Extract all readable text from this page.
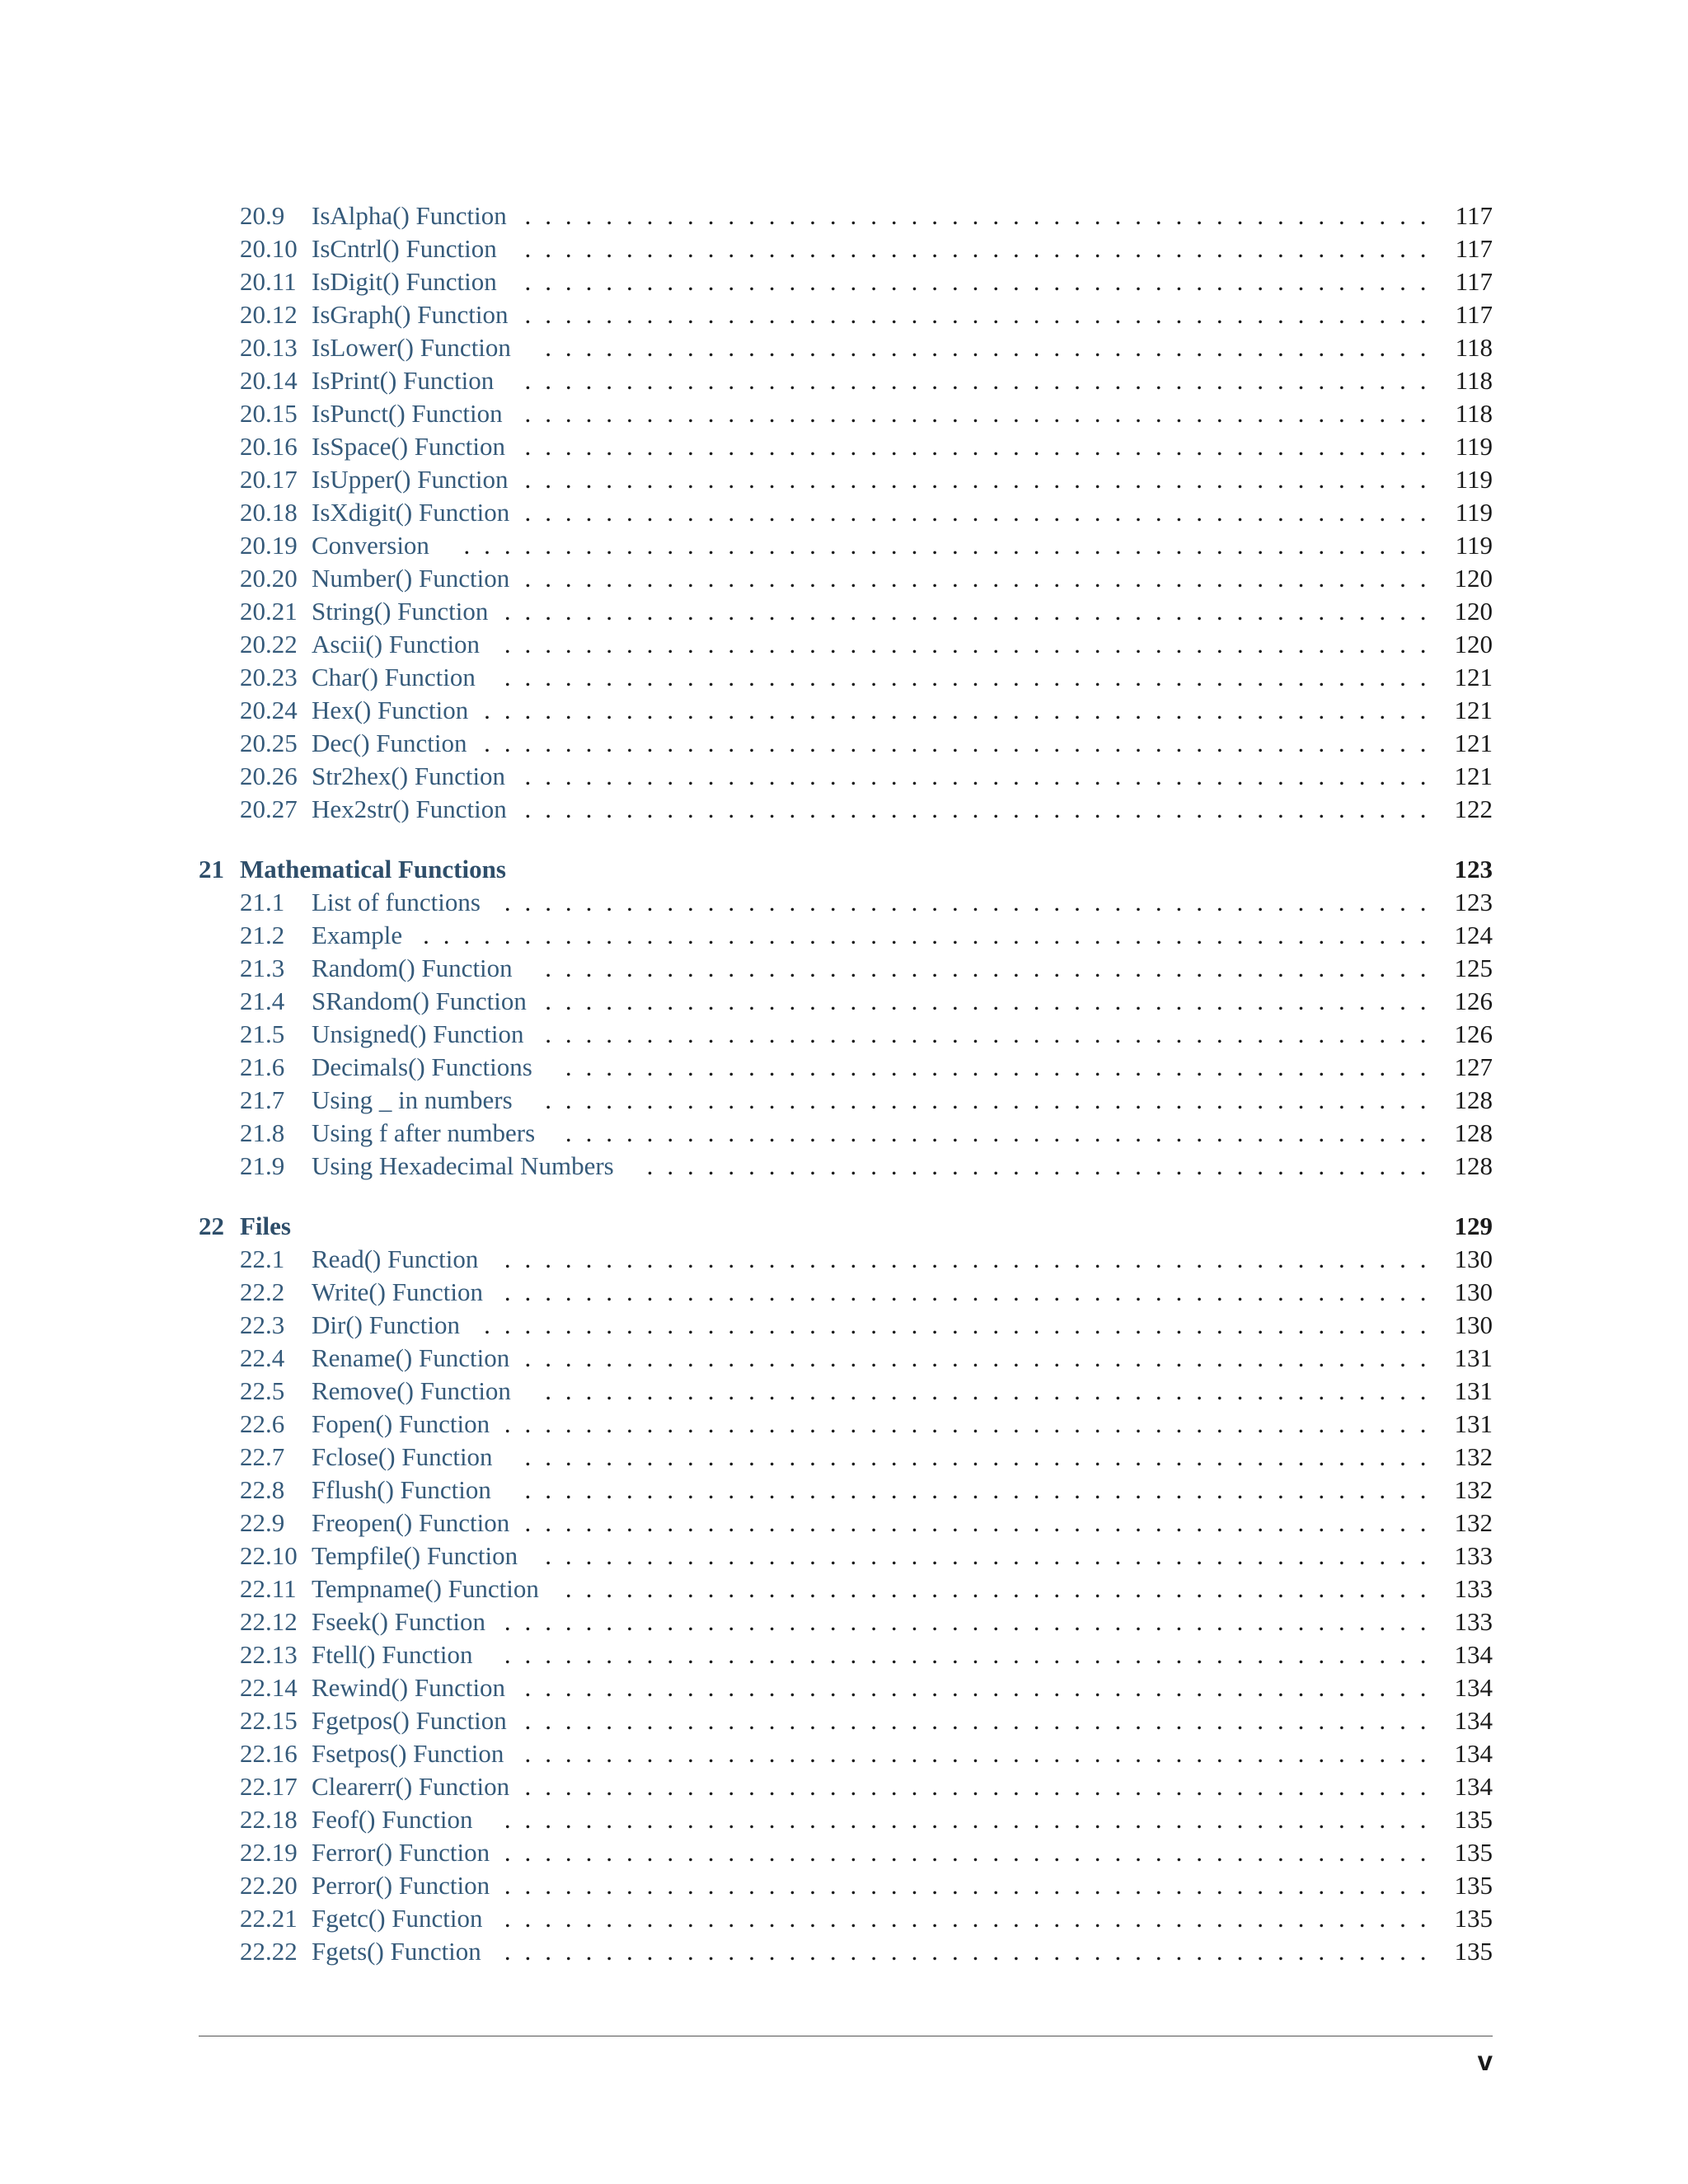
20.9 IsAlpha() Function . . . . . . . . . . . . . . . . . . . . . . . . . . . . . . . . . . . . . . . . . . . . . 117
20.10 IsCntrl() Function	. . . . . . . . . . . . . . . . . . . . . . . . . . . . . . . . . . . . . . . . . . . . . 117
20.11 IsDigit() Function	. . . . . . . . . . . . . . . . . . . . . . . . . . . . . . . . . . . . . . . . . . . . . 117
20.12 IsGraph() Function . . . . . . . . . . . . . . . . . . . . . . . . . . . . . . . . . . . . . . . . . . . . . 117
20.13 IsLower() Function	. . . . . . . . . . . . . . . . . . . . . . . . . . . . . . . . . . . . . . . . . . . . 118
20.14 IsPrint() Function	. . . . . . . . . . . . . . . . . . . . . . . . . . . . . . . . . . . . . . . . . . . . . 118
20.15 IsPunct() Function . . . . . . . . . . . . . . . . . . . . . . . . . . . . . . . . . . . . . . . . . . . . . 118
20.16 IsSpace() Function . . . . . . . . . . . . . . . . . . . . . . . . . . . . . . . . . . . . . . . . . . . . . 119
20.17 IsUpper() Function . . . . . . . . . . . . . . . . . . . . . . . . . . . . . . . . . . . . . . . . . . . . . 119
20.18 IsXdigit() Function . . . . . . . . . . . . . . . . . . . . . . . . . . . . . . . . . . . . . . . . . . . . . 119
20.19 Conversion	. . . . . . . . . . . . . . . . . . . . . . . . . . . . . . . . . . . . . . . . . . . . . . . . 119
20.20 Number() Function . . . . . . . . . . . . . . . . . . . . . . . . . . . . . . . . . . . . . . . . . . . . . 120
20.21 String() Function . . . . . . . . . . . . . . . . . . . . . . . . . . . . . . . . . . . . . . . . . . . . . . 120
20.22 Ascii() Function . . . . . . . . . . . . . . . . . . . . . . . . . . . . . . . . . . . . . . . . . . . . . . 120
20.23 Char() Function	. . . . . . . . . . . . . . . . . . . . . . . . . . . . . . . . . . . . . . . . . . . . . . 121
20.24 Hex() Function . . . . . . . . . . . . . . . . . . . . . . . . . . . . . . . . . . . . . . . . . . . . . . . 121
20.25 Dec() Function . . . . . . . . . . . . . . . . . . . . . . . . . . . . . . . . . . . . . . . . . . . . . . . 121
20.26 Str2hex() Function . . . . . . . . . . . . . . . . . . . . . . . . . . . . . . . . . . . . . . . . . . . . . 121
20.27 Hex2str() Function . . . . . . . . . . . . . . . . . . . . . . . . . . . . . . . . . . . . . . . . . . . . . 122
21 Mathematical Functions	123
21.1 List of functions . . . . . . . . . . . . . . . . . . . . . . . . . . . . . . . . . . . . . . . . . . . . . . 123
21.2 Example . . . . . . . . . . . . . . . . . . . . . . . . . . . . . . . . . . . . . . . . . . . . . . . . . . 124
21.3 Random() Function	. . . . . . . . . . . . . . . . . . . . . . . . . . . . . . . . . . . . . . . . . . . . 125
21.4 SRandom() Function . . . . . . . . . . . . . . . . . . . . . . . . . . . . . . . . . . . . . . . . . . . . 126
21.5 Unsigned() Function . . . . . . . . . . . . . . . . . . . . . . . . . . . . . . . . . . . . . . . . . . . . 126
21.6 Decimals() Functions	. . . . . . . . . . . . . . . . . . . . . . . . . . . . . . . . . . . . . . . . . . . 127
21.7 Using _ in numbers	. . . . . . . . . . . . . . . . . . . . . . . . . . . . . . . . . . . . . . . . . . . . 128
21.8 Using f after numbers	. . . . . . . . . . . . . . . . . . . . . . . . . . . . . . . . . . . . . . . . . . . 128
21.9 Using Hexadecimal Numbers	. . . . . . . . . . . . . . . . . . . . . . . . . . . . . . . . . . . . . . . 128
22 Files	129
22.1 Read() Function	. . . . . . . . . . . . . . . . . . . . . . . . . . . . . . . . . . . . . . . . . . . . . . 130
22.2 Write() Function . . . . . . . . . . . . . . . . . . . . . . . . . . . . . . . . . . . . . . . . . . . . . . 130
22.3 Dir() Function . . . . . . . . . . . . . . . . . . . . . . . . . . . . . . . . . . . . . . . . . . . . . . . 130
22.4 Rename() Function . . . . . . . . . . . . . . . . . . . . . . . . . . . . . . . . . . . . . . . . . . . . . 131
22.5 Remove() Function	. . . . . . . . . . . . . . . . . . . . . . . . . . . . . . . . . . . . . . . . . . . . 131
22.6 Fopen() Function . . . . . . . . . . . . . . . . . . . . . . . . . . . . . . . . . . . . . . . . . . . . . . 131
22.7 Fclose() Function	. . . . . . . . . . . . . . . . . . . . . . . . . . . . . . . . . . . . . . . . . . . . . 132
22.8 Fflush() Function	. . . . . . . . . . . . . . . . . . . . . . . . . . . . . . . . . . . . . . . . . . . . . 132
22.9 Freopen() Function . . . . . . . . . . . . . . . . . . . . . . . . . . . . . . . . . . . . . . . . . . . . . 132
22.10 Tempfile() Function	. . . . . . . . . . . . . . . . . . . . . . . . . . . . . . . . . . . . . . . . . . . . 133
22.11 Tempname() Function	. . . . . . . . . . . . . . . . . . . . . . . . . . . . . . . . . . . . . . . . . . . 133
22.12 Fseek() Function . . . . . . . . . . . . . . . . . . . . . . . . . . . . . . . . . . . . . . . . . . . . . . 133
22.13 Ftell() Function	. . . . . . . . . . . . . . . . . . . . . . . . . . . . . . . . . . . . . . . . . . . . . . 134
22.14 Rewind() Function . . . . . . . . . . . . . . . . . . . . . . . . . . . . . . . . . . . . . . . . . . . . . 134
22.15 Fgetpos() Function . . . . . . . . . . . . . . . . . . . . . . . . . . . . . . . . . . . . . . . . . . . . . 134
22.16 Fsetpos() Function . . . . . . . . . . . . . . . . . . . . . . . . . . . . . . . . . . . . . . . . . . . . . 134
22.17 Clearerr() Function . . . . . . . . . . . . . . . . . . . . . . . . . . . . . . . . . . . . . . . . . . . . . 134
22.18 Feof() Function	. . . . . . . . . . . . . . . . . . . . . . . . . . . . . . . . . . . . . . . . . . . . . . 135
22.19 Ferror() Function . . . . . . . . . . . . . . . . . . . . . . . . . . . . . . . . . . . . . . . . . . . . . . 135
22.20 Perror() Function . . . . . . . . . . . . . . . . . . . . . . . . . . . . . . . . . . . . . . . . . . . . . . 135
22.21 Fgetc() Function . . . . . . . . . . . . . . . . . . . . . . . . . . . . . . . . . . . . . . . . . . . . . . 135
22.22 Fgets() Function . . . . . . . . . . . . . . . . . . . . . . . . . . . . . . . . . . . . . . . . . . . . . . 135
v
